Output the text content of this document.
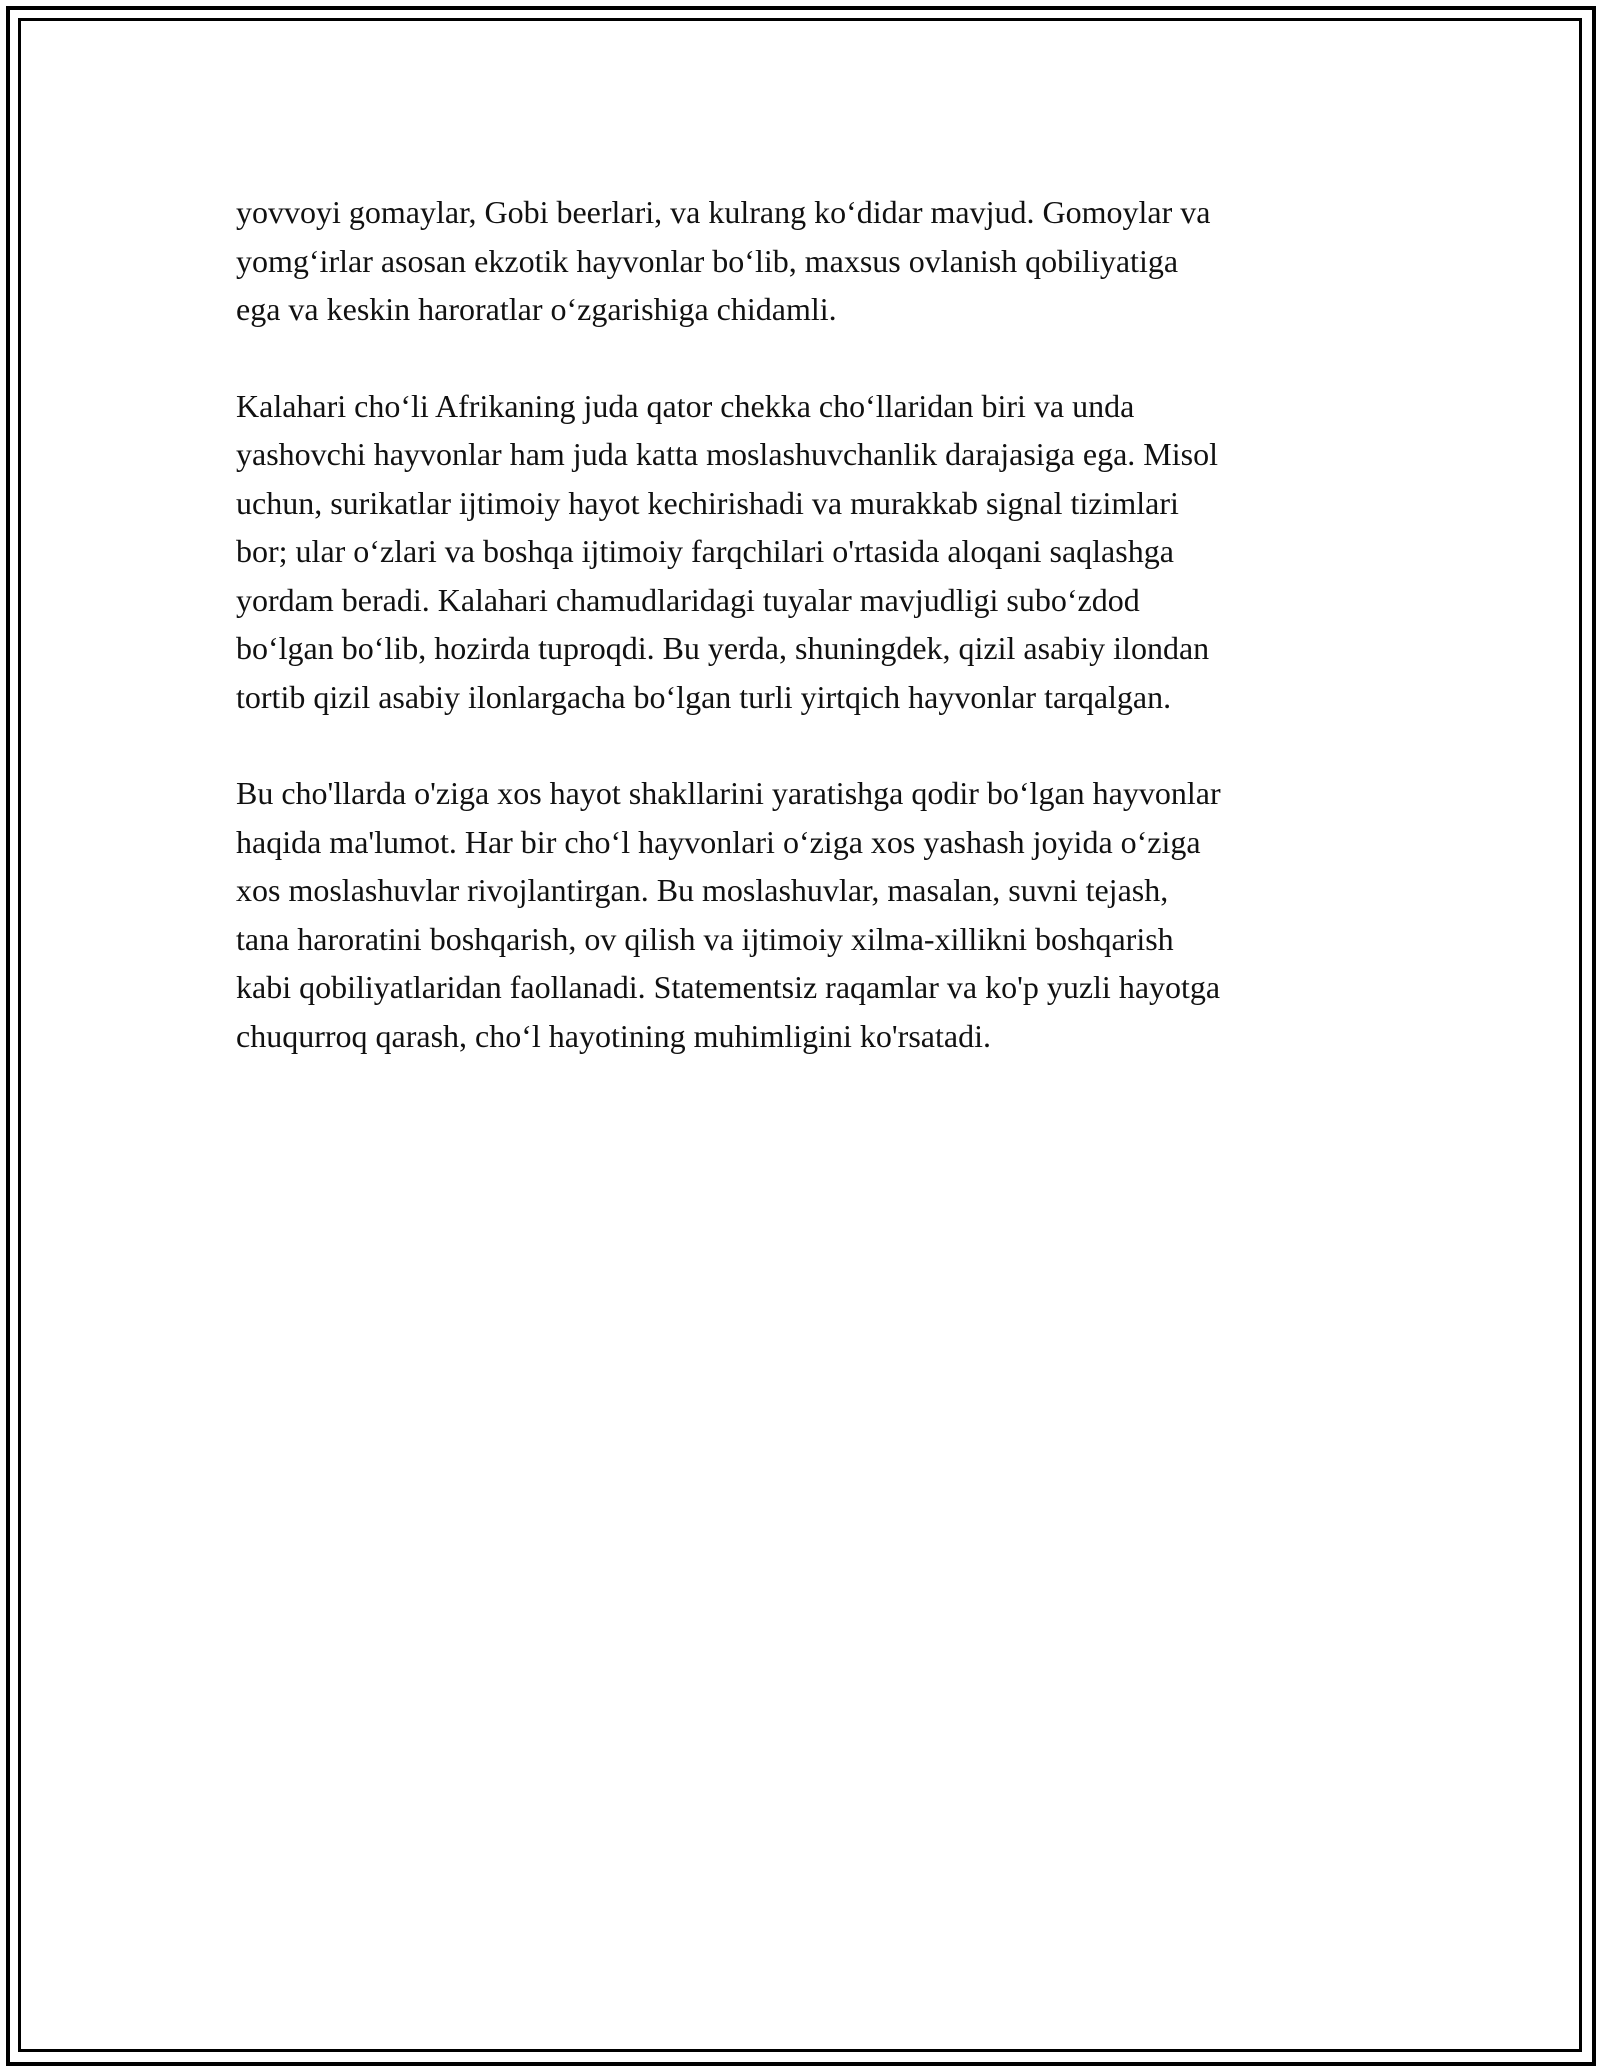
yovvoyi gomaylar, Gobi beerlari, va kulrang ko‘didar mavjud. Gomoylar va
yomg‘irlar asosan ekzotik hayvonlar bo‘lib, maxsus ovlanish qobiliyatiga
ega va keskin haroratlar o‘zgarishiga chidamli.

Kalahari cho‘li Afrikaning juda qator chekka cho‘llaridan biri va unda
yashovchi hayvonlar ham juda katta moslashuvchanlik darajasiga ega. Misol
uchun, surikatlar ijtimoiy hayot kechirishadi va murakkab signal tizimlari
bor; ular o‘zlari va boshqa ijtimoiy farqchilari o'rtasida aloqani saqlashga
yordam beradi. Kalahari chamudlaridagi tuyalar mavjudligi subo‘zdod
bo‘lgan bo‘lib, hozirda tuproqdi. Bu yerda, shuningdek, qizil asabiy ilondan
tortib qizil asabiy ilonlargacha bo‘lgan turli yirtqich hayvonlar tarqalgan.

Bu cho'llarda o'ziga xos hayot shakllarini yaratishga qodir bo‘lgan hayvonlar
haqida ma'lumot. Har bir cho‘l hayvonlari o‘ziga xos yashash joyida o‘ziga
xos moslashuvlar rivojlantirgan. Bu moslashuvlar, masalan, suvni tejash,
tana haroratini boshqarish, ov qilish va ijtimoiy xilma-xillikni boshqarish
kabi qobiliyatlaridan faollanadi. Statementsiz raqamlar va ko'p yuzli hayotga
chuqurroq qarash, cho‘l hayotining muhimligini ko'rsatadi.
